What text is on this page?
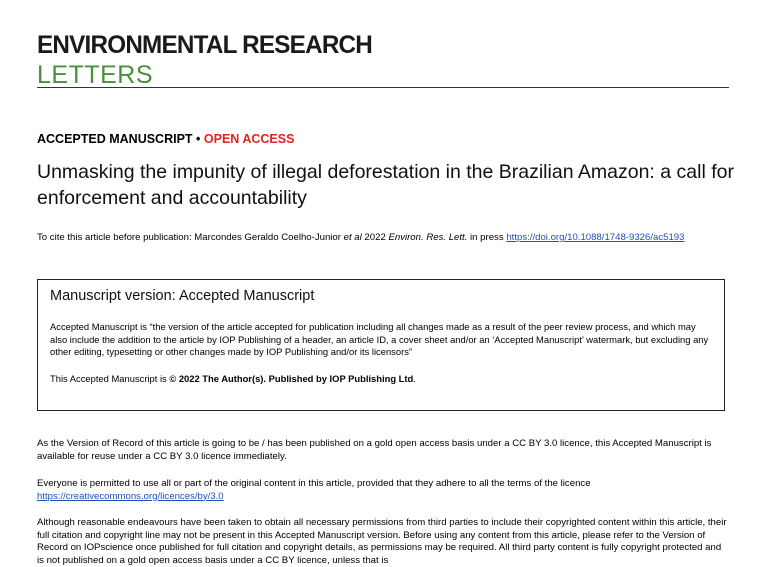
ENVIRONMENTAL RESEARCH
LETTERS
ACCEPTED MANUSCRIPT • OPEN ACCESS
Unmasking the impunity of illegal deforestation in the Brazilian Amazon: a call for enforcement and accountability
To cite this article before publication: Marcondes Geraldo Coelho-Junior et al 2022 Environ. Res. Lett. in press https://doi.org/10.1088/1748-9326/ac5193
Manuscript version: Accepted Manuscript
Accepted Manuscript is “the version of the article accepted for publication including all changes made as a result of the peer review process, and which may also include the addition to the article by IOP Publishing of a header, an article ID, a cover sheet and/or an ‘Accepted Manuscript’ watermark, but excluding any other editing, typesetting or other changes made by IOP Publishing and/or its licensors”
This Accepted Manuscript is © 2022 The Author(s). Published by IOP Publishing Ltd.
As the Version of Record of this article is going to be / has been published on a gold open access basis under a CC BY 3.0 licence, this Accepted Manuscript is available for reuse under a CC BY 3.0 licence immediately.
Everyone is permitted to use all or part of the original content in this article, provided that they adhere to all the terms of the licence
https://creativecommons.org/licences/by/3.0
Although reasonable endeavours have been taken to obtain all necessary permissions from third parties to include their copyrighted content within this article, their full citation and copyright line may not be present in this Accepted Manuscript version. Before using any content from this article, please refer to the Version of Record on IOPscience once published for full citation and copyright details, as permissions may be required. All third party content is fully copyright protected and is not published on a gold open access basis under a CC BY licence, unless that is
